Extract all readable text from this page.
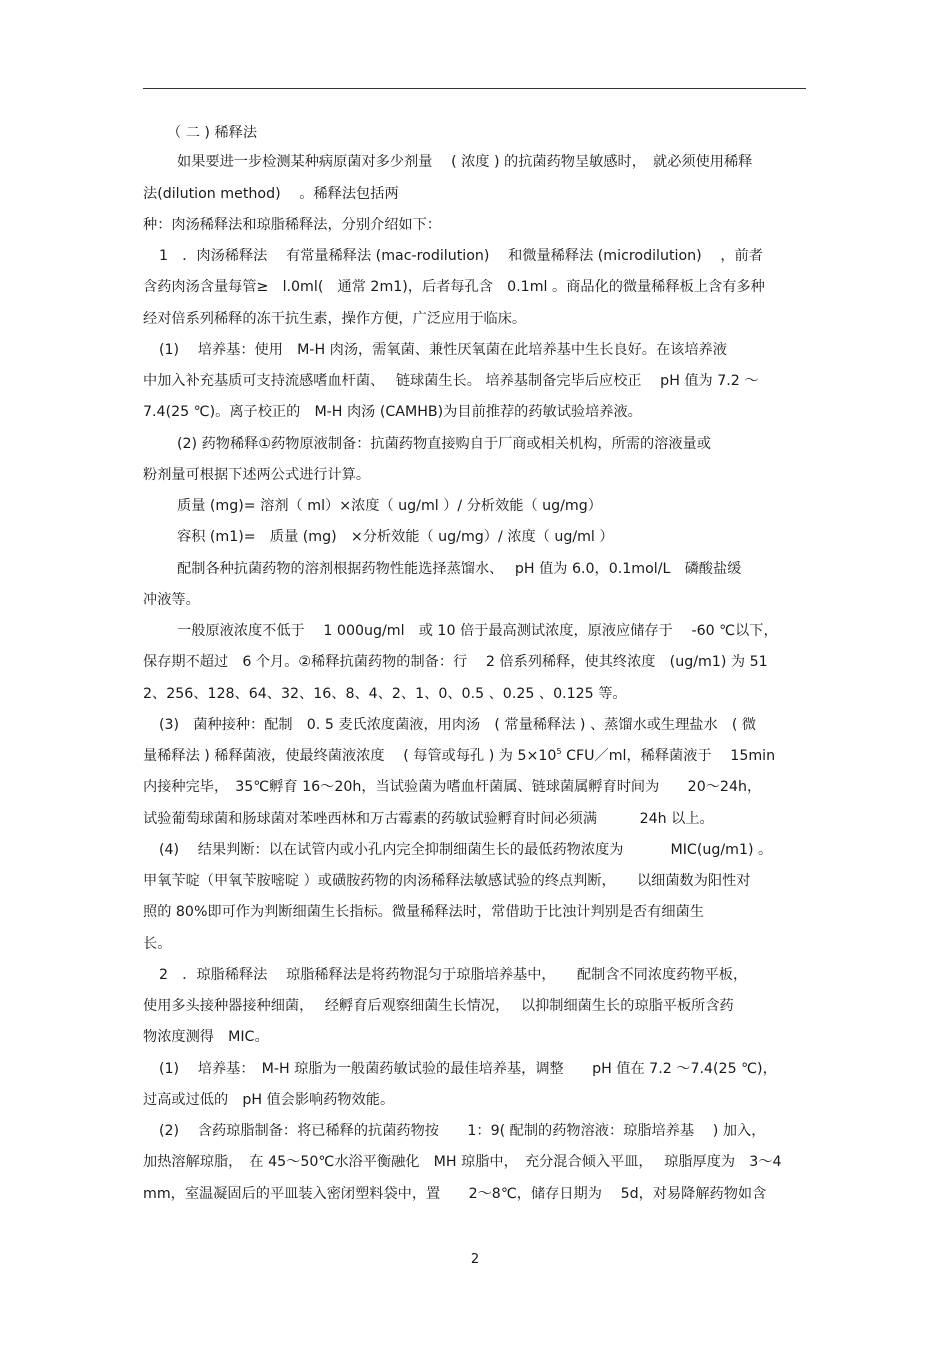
（ 二 ) 稀释法
如果要进一步检测某种病原菌对多少剂量　 ( 浓度 ) 的抗菌药物呈敏感时，　就必须使用稀释
法(dilution method)　 。稀释法包括两
种：肉汤稀释法和琼脂稀释法，分别介绍如下：
1　．肉汤稀释法　 有常量稀释法 (mac-rodilution)　 和微量稀释法 (microdilution)　 ，前者
含药肉汤含量每管≥　l.0ml(　通常 2m1)，后者每孔含　0.1ml 。商品化的微量稀释板上含有多种
经对倍系列稀释的冻干抗生素，操作方便，广泛应用于临床。
(1)　 培养基：使用　M-H 肉汤，需氧菌、兼性厌氧菌在此培养基中生长良好。在该培养液
中加入补充基质可支持流感嗜血杆菌、　 链球菌生长。 培养基制备完毕后应校正　 pH 值为 7.2 ～
7.4(25 ℃)。离子校正的　M-H 肉汤 (CAMHB)为目前推荐的药敏试验培养液。
(2) 药物稀释①药物原液制备：抗菌药物直接购自于厂商或相关机构，所需的溶液量或
粉剂量可根据下述两公式进行计算。
质量 (mg)= 溶剂（ ml）×浓度（ ug/ml ）/ 分析效能（ ug/mg）
容积 (m1)=　质量 (mg)　×分析效能（ ug/mg）/ 浓度（ ug/ml ）
配制各种抗菌药物的溶剂根据药物性能选择蒸馏水、　 pH 值为 6.0，0.1mol/L　磷酸盐缓
冲液等。
一般原液浓度不低于　 1 000ug/ml　或 10 倍于最高测试浓度，原液应储存于　 -60 ℃以下，
保存期不超过　6 个月。②稀释抗菌药物的制备：行　 2 倍系列稀释，使其终浓度　(ug/m1) 为 51
2、256、128、64、32、16、8、4、2、1、0、0.5 、0.25 、0.125 等。
(3)　菌种接种：配制　0. 5 麦氏浓度菌液，用肉汤　( 常量稀释法 ) 、蒸馏水或生理盐水　( 微
量稀释法 ) 稀释菌液，使最终菌液浓度　 ( 每管或每孔 ) 为 $5\times 10^5$ CFU／ml，稀释菌液于　 15min
内接种完毕，　35℃孵育 16～20h，当试验菌为嗜血杆菌属、链球菌属孵育时间为　　20～24h，
试验葡萄球菌和肠球菌对苯唑西林和万古霉素的药敏试验孵育时间必须满　　　24h 以上。
(4)　 结果判断：以在试管内或小孔内完全抑制细菌生长的最低药物浓度为　　　 MIC(ug/m1) 。
甲氧苄啶（甲氧苄胺嘧啶 ）或磺胺药物的肉汤稀释法敏感试验的终点判断，　　以细菌数为阳性对
照的 80%即可作为判断细菌生长指标。微量稀释法时，常借助于比浊计判别是否有细菌生
长。
2　．琼脂稀释法　 琼脂稀释法是将药物混匀于琼脂培养基中，　　配制含不同浓度药物平板，
使用多头接种器接种细菌，　 经孵育后观察细菌生长情况，　 以抑制细菌生长的琼脂平板所含药
物浓度测得　MIC。
(1)　 培养基：　M-H 琼脂为一般菌药敏试验的最佳培养基，调整　　pH 值在 7.2 ～7.4(25 ℃)，
过高或过低的　pH 值会影响药物效能。
(2)　 含药琼脂制备：将已稀释的抗菌药物按　　1：9( 配制的药物溶液：琼脂培养基　 ) 加入，
加热溶解琼脂，　在 45～50℃水浴平衡融化　MH 琼脂中，　充分混合倾入平皿，　 琼脂厚度为　3～4
mm，室温凝固后的平皿装入密闭塑料袋中，置　　2～8℃，储存日期为　 5d，对易降解药物如含
2
